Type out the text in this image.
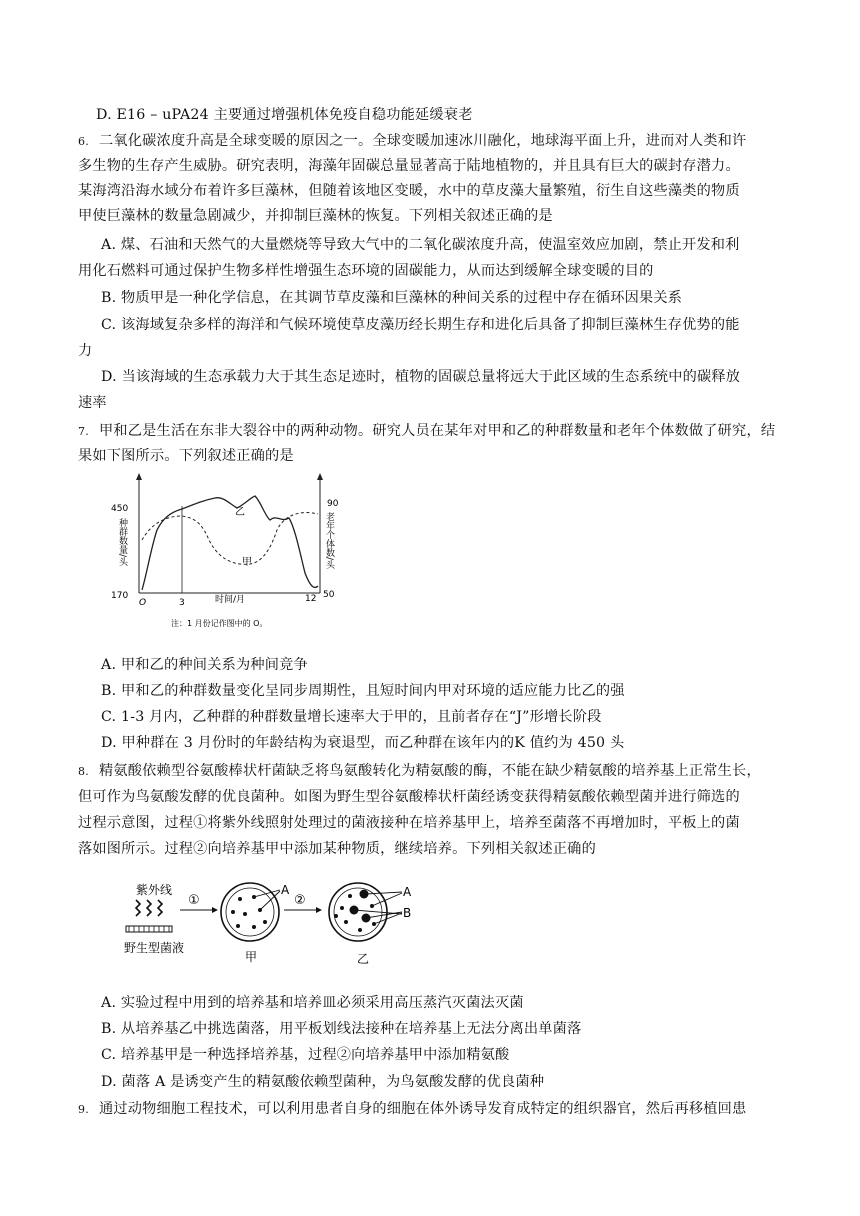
D. E16 – uPA24 主要通过增强机体免疫自稳功能延缓衰老
6. 二氧化碳浓度升高是全球变暖的原因之一。全球变暖加速冰川融化，地球海平面上升，进而对人类和许
多生物的生存产生威胁。研究表明，海藻年固碳总量显著高于陆地植物的，并且具有巨大的碳封存潜力。
某海湾沿海水域分布着许多巨藻林，但随着该地区变暖，水中的草皮藻大量繁殖，衍生自这些藻类的物质
甲使巨藻林的数量急剧减少，并抑制巨藻林的恢复。下列相关叙述正确的是
A. 煤、石油和天然气的大量燃烧等导致大气中的二氧化碳浓度升高，使温室效应加剧，禁止开发和利
用化石燃料可通过保护生物多样性增强生态环境的固碳能力，从而达到缓解全球变暖的目的
B. 物质甲是一种化学信息，在其调节草皮藻和巨藻林的种间关系的过程中存在循环因果关系
C. 该海域复杂多样的海洋和气候环境使草皮藻历经长期生存和进化后具备了抑制巨藻林生存优势的能
力
D. 当该海域的生态承载力大于其生态足迹时，植物的固碳总量将远大于此区域的生态系统中的碳释放
速率
7. 甲和乙是生活在东非大裂谷中的两种动物。研究人员在某年对甲和乙的种群数量和老年个体数做了研究，结
果如下图所示。下列叙述正确的是
450
170
90
50
O	3	12
时间/月
乙
甲
种群数量/头	老年个体数/头
注：1 月份记作图中的 O。
A. 甲和乙的种间关系为种间竞争
B. 甲和乙的种群数量变化呈同步周期性，且短时间内甲对环境的适应能力比乙的强
C. 1-3 月内，乙种群的种群数量增长速率大于甲的，且前者存在“J”形增长阶段
D. 甲种群在 3 月份时的年龄结构为衰退型，而乙种群在该年内的K 值约为 450 头
8. 精氨酸依赖型谷氨酸棒状杆菌缺乏将鸟氨酸转化为精氨酸的酶，不能在缺少精氨酸的培养基上正常生长，
但可作为鸟氨酸发酵的优良菌种。如图为野生型谷氨酸棒状杆菌经诱变获得精氨酸依赖型菌并进行筛选的
过程示意图，过程①将紫外线照射处理过的菌液接种在培养基甲上，培养至菌落不再增加时，平板上的菌
落如图所示。过程②向培养基甲中添加某种物质，继续培养。下列相关叙述正确的
紫外线
野生型菌液
①
A
甲
②
A
B
乙
A. 实验过程中用到的培养基和培养皿必须采用高压蒸汽灭菌法灭菌
B. 从培养基乙中挑选菌落，用平板划线法接种在培养基上无法分离出单菌落
C. 培养基甲是一种选择培养基，过程②向培养基甲中添加精氨酸
D. 菌落 A 是诱变产生的精氨酸依赖型菌种，为鸟氨酸发酵的优良菌种
9. 通过动物细胞工程技术，可以利用患者自身的细胞在体外诱导发育成特定的组织器官，然后再移植回患
